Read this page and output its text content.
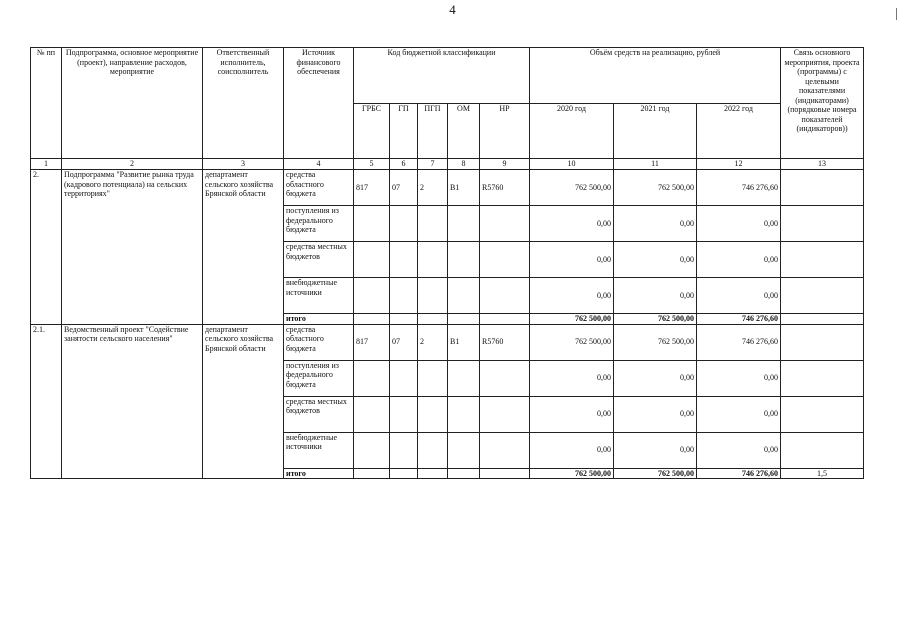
4
№ пп	Подпрограмма, основное мероприятие (проект), направление расходов, мероприятие	Ответственный исполнитель, соисполнитель	Источник финансового обеспечения	Код бюджетной классификации					Объём средств на реализацию, рублей			Связь основного мероприятия, проекта (программы) с целевыми показателями (индикаторами) (порядковые номера показателей (индикаторов))
				ГРБС	ГП	ПГП	ОМ	НР	2020 год	2021 год	2022 год	
1	2	3	4	5	6	7	8	9	10	11	12	13
2.	Подпрограмма "Развитие рынка труда (кадрового потенциала) на сельских территориях"	департамент сельского хозяйства Брянской области	средства областного бюджета	817	07	2	В1	R5760	762 500,00	762 500,00	746 276,60	
			поступления из федерального бюджета						0,00	0,00	0,00	
			средства местных бюджетов						0,00	0,00	0,00	
			внебюджетные источники						0,00	0,00	0,00	
			итого						762 500,00	762 500,00	746 276,60	
2.1.	Ведомственный проект "Содействие занятости сельского населения"	департамент сельского хозяйства Брянской области	средства областного бюджета	817	07	2	В1	R5760	762 500,00	762 500,00	746 276,60	
			поступления из федерального бюджета						0,00	0,00	0,00	
			средства местных бюджетов						0,00	0,00	0,00	
			внебюджетные источники						0,00	0,00	0,00	
			итого						762 500,00	762 500,00	746 276,60	1,5
